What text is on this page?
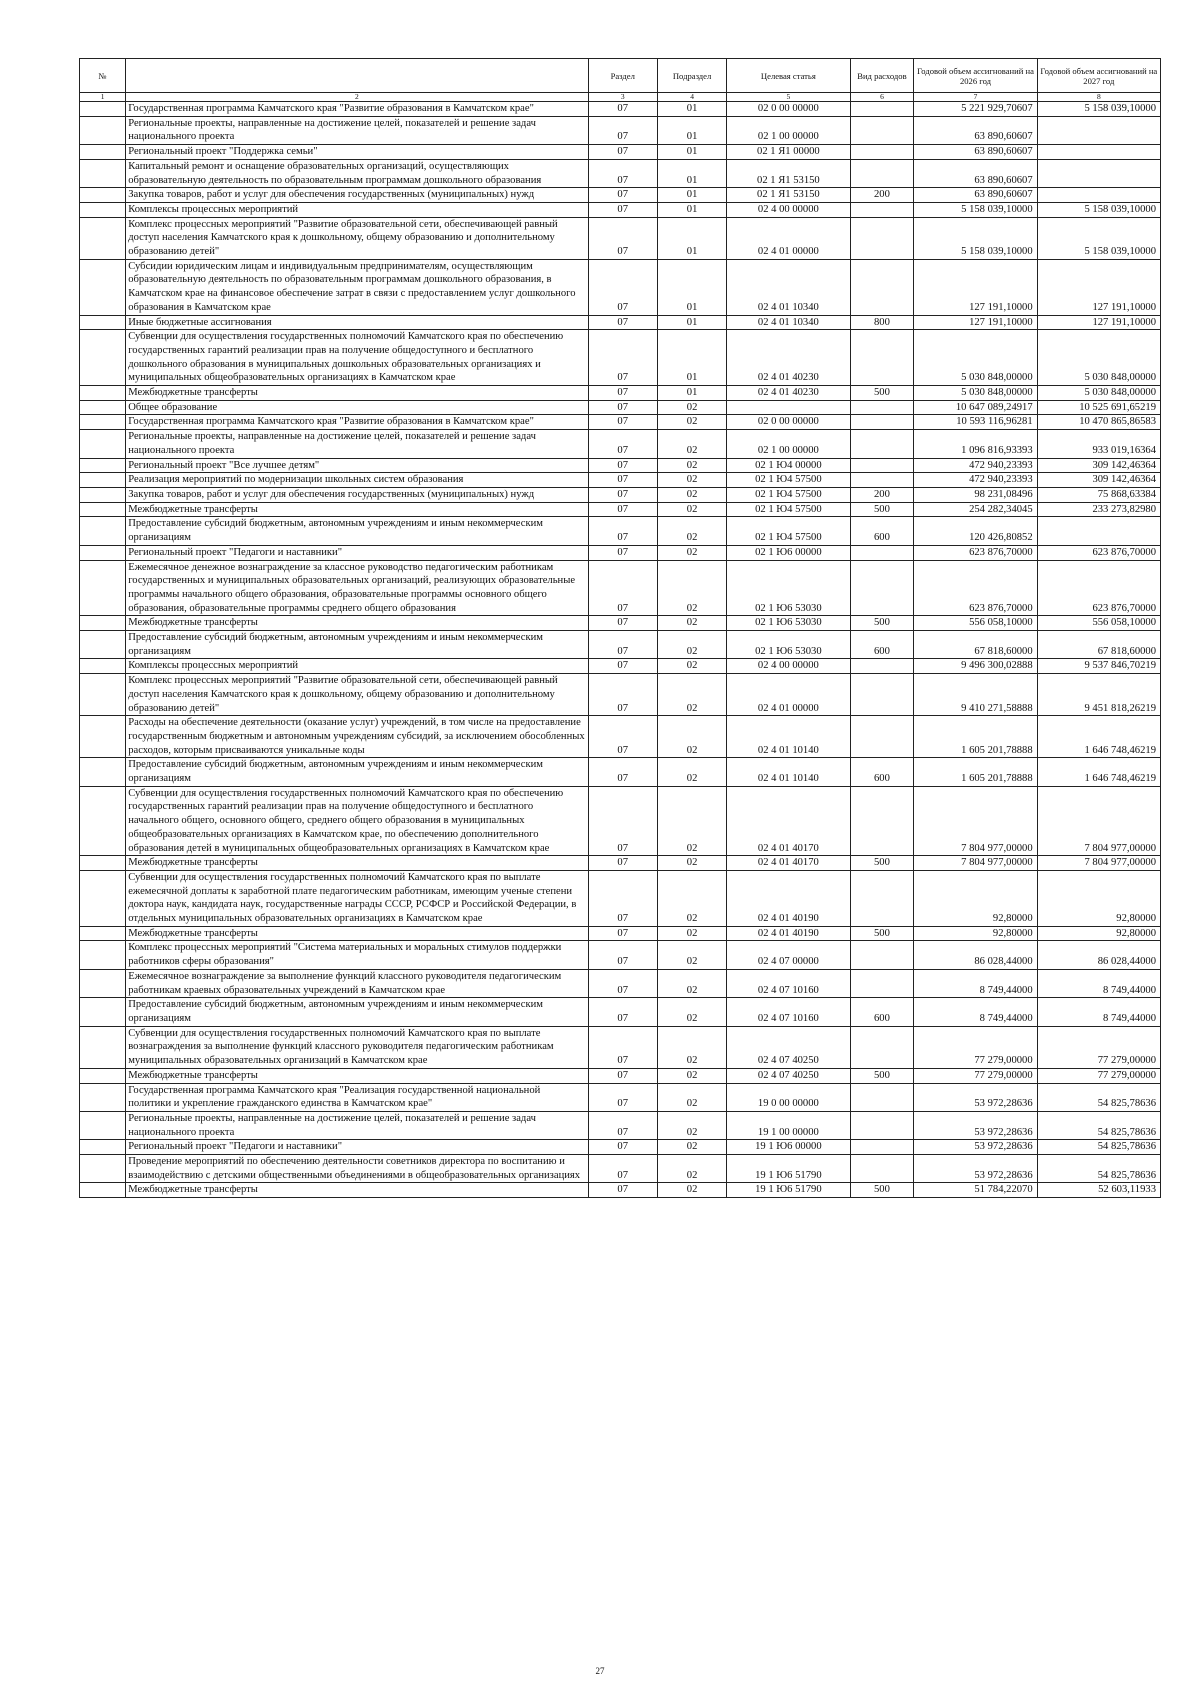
№		Раздел	Подраздел	Целевая статья	Вид расходов	Годовой объем ассигнований на 2026 год	Годовой объем ассигнований на 2027 год
1	2	3	4	5	6	7	8
	Государственная программа Камчатского края "Развитие образования в Камчатском крае"	07	01	02 0 00 00000		5 221 929,70607	5 158 039,10000
	Региональные проекты, направленные на достижение целей, показателей и решение задач национального проекта	07	01	02 1 00 00000		63 890,60607	
	Региональный проект "Поддержка семьи"	07	01	02 1 Я1 00000		63 890,60607	
	Капитальный ремонт и оснащение образовательных организаций, осуществляющих образовательную деятельность по образовательным программам дошкольного образования	07	01	02 1 Я1 53150		63 890,60607	
	Закупка товаров, работ и услуг для обеспечения государственных (муниципальных) нужд	07	01	02 1 Я1 53150	200	63 890,60607	
	Комплексы процессных мероприятий	07	01	02 4 00 00000		5 158 039,10000	5 158 039,10000
	Комплекс процессных мероприятий "Развитие образовательной сети, обеспечивающей равный доступ населения Камчатского края к дошкольному, общему образованию и дополнительному образованию детей"	07	01	02 4 01 00000		5 158 039,10000	5 158 039,10000
	Субсидии юридическим лицам и индивидуальным предпринимателям, осуществляющим образовательную деятельность по образовательным программам дошкольного образования, в Камчатском крае на финансовое обеспечение затрат в связи с предоставлением услуг дошкольного образования в Камчатском крае	07	01	02 4 01 10340		127 191,10000	127 191,10000
	Иные бюджетные ассигнования	07	01	02 4 01 10340	800	127 191,10000	127 191,10000
	Субвенции для осуществления государственных полномочий Камчатского края по обеспечению государственных гарантий реализации прав на получение общедоступного и бесплатного дошкольного образования в муниципальных дошкольных образовательных организациях и муниципальных общеобразовательных организациях в Камчатском крае	07	01	02 4 01 40230		5 030 848,00000	5 030 848,00000
	Межбюджетные трансферты	07	01	02 4 01 40230	500	5 030 848,00000	5 030 848,00000
	Общее образование	07	02			10 647 089,24917	10 525 691,65219
	Государственная программа Камчатского края "Развитие образования в Камчатском крае"	07	02	02 0 00 00000		10 593 116,96281	10 470 865,86583
	Региональные проекты, направленные на достижение целей, показателей и решение задач национального проекта	07	02	02 1 00 00000		1 096 816,93393	933 019,16364
	Региональный проект "Все лучшее детям"	07	02	02 1 Ю4 00000		472 940,23393	309 142,46364
	Реализация мероприятий по модернизации школьных систем образования	07	02	02 1 Ю4 57500		472 940,23393	309 142,46364
	Закупка товаров, работ и услуг для обеспечения государственных (муниципальных) нужд	07	02	02 1 Ю4 57500	200	98 231,08496	75 868,63384
	Межбюджетные трансферты	07	02	02 1 Ю4 57500	500	254 282,34045	233 273,82980
	Предоставление субсидий бюджетным, автономным учреждениям и иным некоммерческим организациям	07	02	02 1 Ю4 57500	600	120 426,80852	
	Региональный проект "Педагоги и наставники"	07	02	02 1 Ю6 00000		623 876,70000	623 876,70000
	Ежемесячное денежное вознаграждение за классное руководство педагогическим работникам государственных и муниципальных образовательных организаций, реализующих образовательные программы начального общего образования, образовательные программы основного общего образования, образовательные программы среднего общего образования	07	02	02 1 Ю6 53030		623 876,70000	623 876,70000
	Межбюджетные трансферты	07	02	02 1 Ю6 53030	500	556 058,10000	556 058,10000
	Предоставление субсидий бюджетным, автономным учреждениям и иным некоммерческим организациям	07	02	02 1 Ю6 53030	600	67 818,60000	67 818,60000
	Комплексы процессных мероприятий	07	02	02 4 00 00000		9 496 300,02888	9 537 846,70219
	Комплекс процессных мероприятий "Развитие образовательной сети, обеспечивающей равный доступ населения Камчатского края к дошкольному, общему образованию и дополнительному образованию детей"	07	02	02 4 01 00000		9 410 271,58888	9 451 818,26219
	Расходы на обеспечение деятельности (оказание услуг) учреждений, в том числе на предоставление государственным бюджетным и автономным учреждениям субсидий, за исключением обособленных расходов, которым присваиваются уникальные коды	07	02	02 4 01 10140		1 605 201,78888	1 646 748,46219
	Предоставление субсидий бюджетным, автономным учреждениям и иным некоммерческим организациям	07	02	02 4 01 10140	600	1 605 201,78888	1 646 748,46219
	Субвенции для осуществления государственных полномочий Камчатского края по обеспечению государственных гарантий реализации прав на получение общедоступного и бесплатного начального общего, основного общего, среднего общего образования в муниципальных общеобразовательных организациях в Камчатском крае, по обеспечению дополнительного образования детей в муниципальных общеобразовательных организациях в Камчатском крае	07	02	02 4 01 40170		7 804 977,00000	7 804 977,00000
	Межбюджетные трансферты	07	02	02 4 01 40170	500	7 804 977,00000	7 804 977,00000
	Субвенции для осуществления государственных полномочий Камчатского края по выплате ежемесячной доплаты к заработной плате педагогическим работникам, имеющим ученые степени доктора наук, кандидата наук, государственные награды СССР, РСФСР и Российской Федерации, в отдельных муниципальных образовательных организациях в Камчатском крае	07	02	02 4 01 40190		92,80000	92,80000
	Межбюджетные трансферты	07	02	02 4 01 40190	500	92,80000	92,80000
	Комплекс процессных мероприятий "Система материальных и моральных стимулов поддержки работников сферы образования"	07	02	02 4 07 00000		86 028,44000	86 028,44000
	Ежемесячное вознаграждение за выполнение функций классного руководителя педагогическим работникам краевых образовательных учреждений в Камчатском крае	07	02	02 4 07 10160		8 749,44000	8 749,44000
	Предоставление субсидий бюджетным, автономным учреждениям и иным некоммерческим организациям	07	02	02 4 07 10160	600	8 749,44000	8 749,44000
	Субвенции для осуществления государственных полномочий Камчатского края по выплате вознаграждения за выполнение функций классного руководителя педагогическим работникам муниципальных образовательных организаций в Камчатском крае	07	02	02 4 07 40250		77 279,00000	77 279,00000
	Межбюджетные трансферты	07	02	02 4 07 40250	500	77 279,00000	77 279,00000
	Государственная программа Камчатского края "Реализация государственной национальной политики и укрепление гражданского единства в Камчатском крае"	07	02	19 0 00 00000		53 972,28636	54 825,78636
	Региональные проекты, направленные на достижение целей, показателей и решение задач национального проекта	07	02	19 1 00 00000		53 972,28636	54 825,78636
	Региональный проект "Педагоги и наставники"	07	02	19 1 Ю6 00000		53 972,28636	54 825,78636
	Проведение мероприятий по обеспечению деятельности советников директора по воспитанию и взаимодействию с детскими общественными объединениями в общеобразовательных организациях	07	02	19 1 Ю6 51790		53 972,28636	54 825,78636
	Межбюджетные трансферты	07	02	19 1 Ю6 51790	500	51 784,22070	52 603,11933
27
